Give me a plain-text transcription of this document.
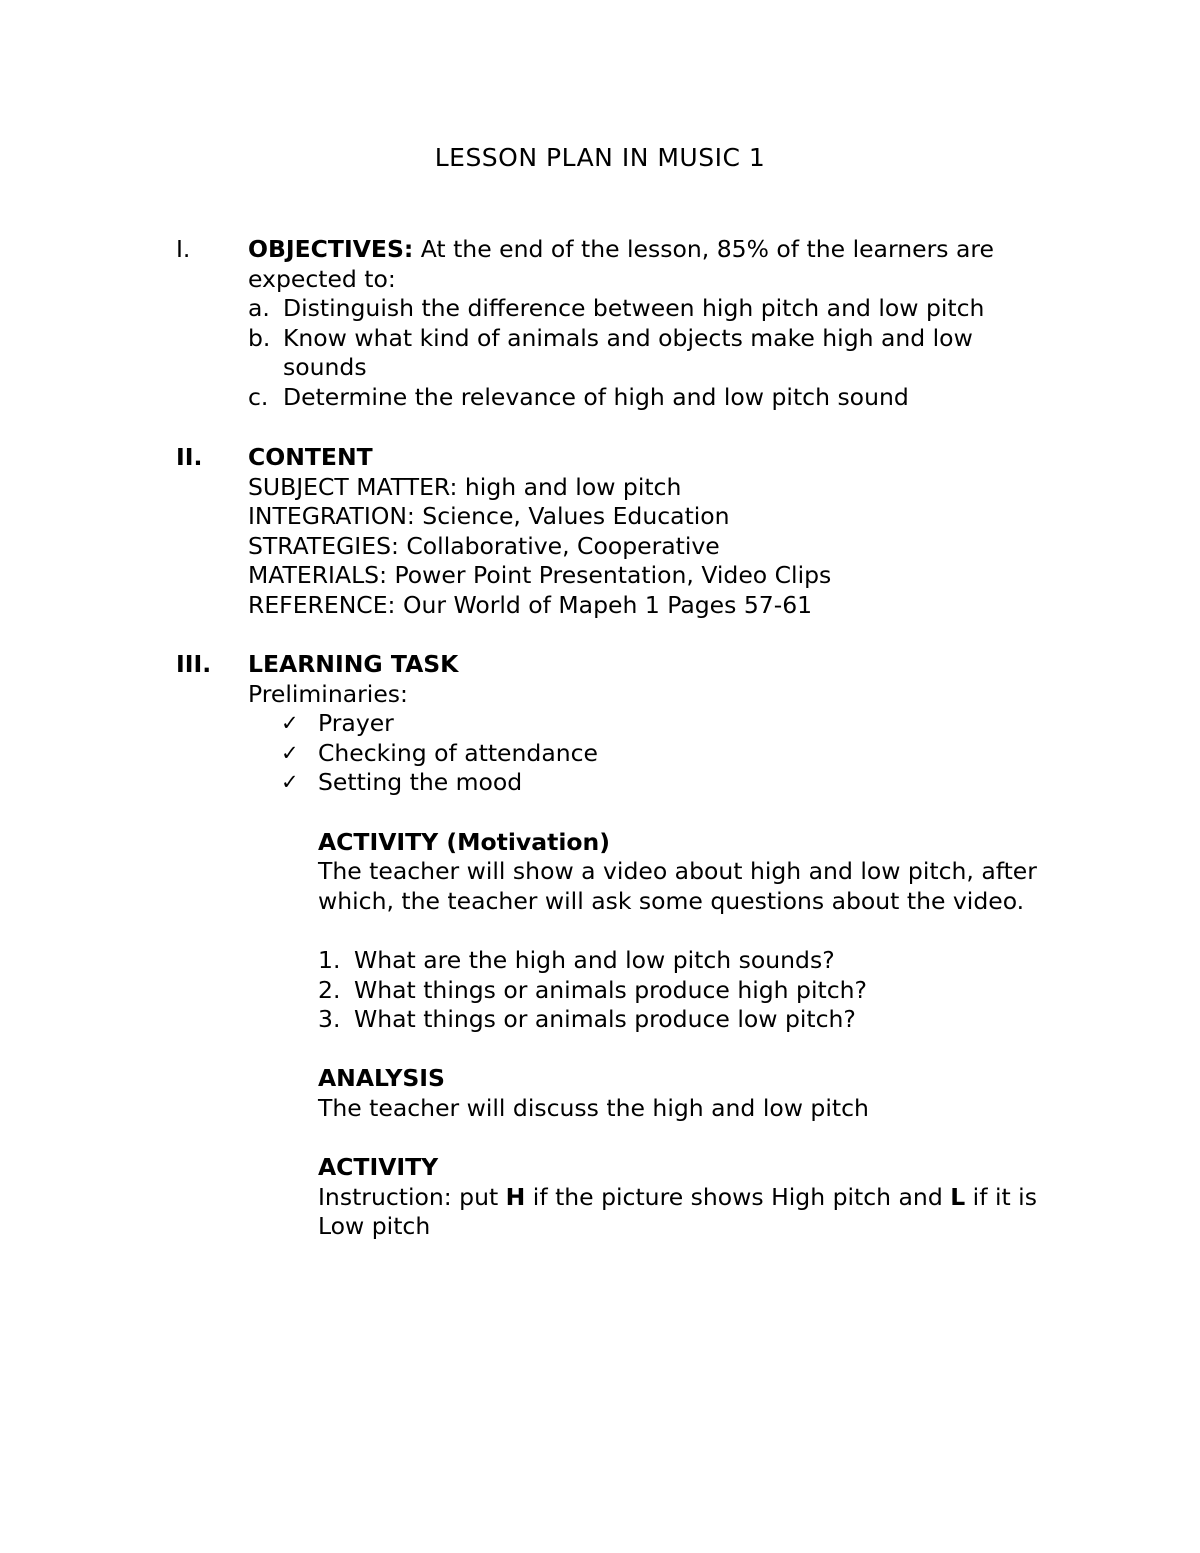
LESSON PLAN IN MUSIC 1
I. OBJECTIVES: At the end of the lesson, 85% of the learners are
expected to:
a. Distinguish the difference between high pitch and low pitch
b. Know what kind of animals and objects make high and low
sounds
c. Determine the relevance of high and low pitch sound
II. CONTENT
SUBJECT MATTER: high and low pitch
INTEGRATION: Science, Values Education
STRATEGIES: Collaborative, Cooperative
MATERIALS: Power Point Presentation, Video Clips
REFERENCE: Our World of Mapeh 1 Pages 57-61
III. LEARNING TASK
Preliminaries:
✓ Prayer
✓ Checking of attendance
✓ Setting the mood
ACTIVITY (Motivation)
The teacher will show a video about high and low pitch, after
which, the teacher will ask some questions about the video.
1. What are the high and low pitch sounds?
2. What things or animals produce high pitch?
3. What things or animals produce low pitch?
ANALYSIS
The teacher will discuss the high and low pitch
ACTIVITY
Instruction: put H if the picture shows High pitch and L if it is
Low pitch
